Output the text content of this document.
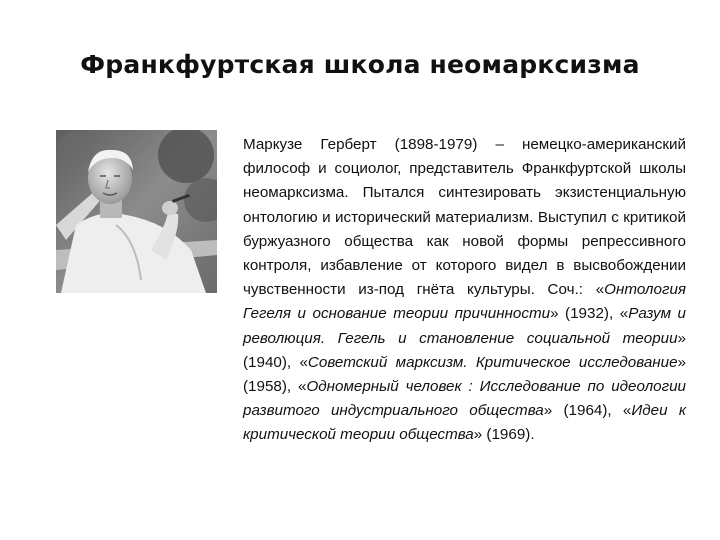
Франкфуртская школа неомарксизма
Маркузе Герберт (1898‑1979) – немецко-американский философ и социолог, представитель Франкфуртской школы неомарксизма. Пытался синтезировать экзистенциальную онтологию и исторический материализм. Выступил с критикой буржуазного общества как новой формы репрессивного контроля, избавление от которого видел в высвобождении чувственности из-под гнёта культуры. Соч.: «Онтология Гегеля и основание теории причинности» (1932), «Разум и революция. Гегель и становление социальной теории» (1940), «Советский марксизм. Критическое исследование» (1958), «Одномерный человек : Исследование по идеологии развитого индустриального общества» (1964), «Идеи к критической теории общества» (1969).
